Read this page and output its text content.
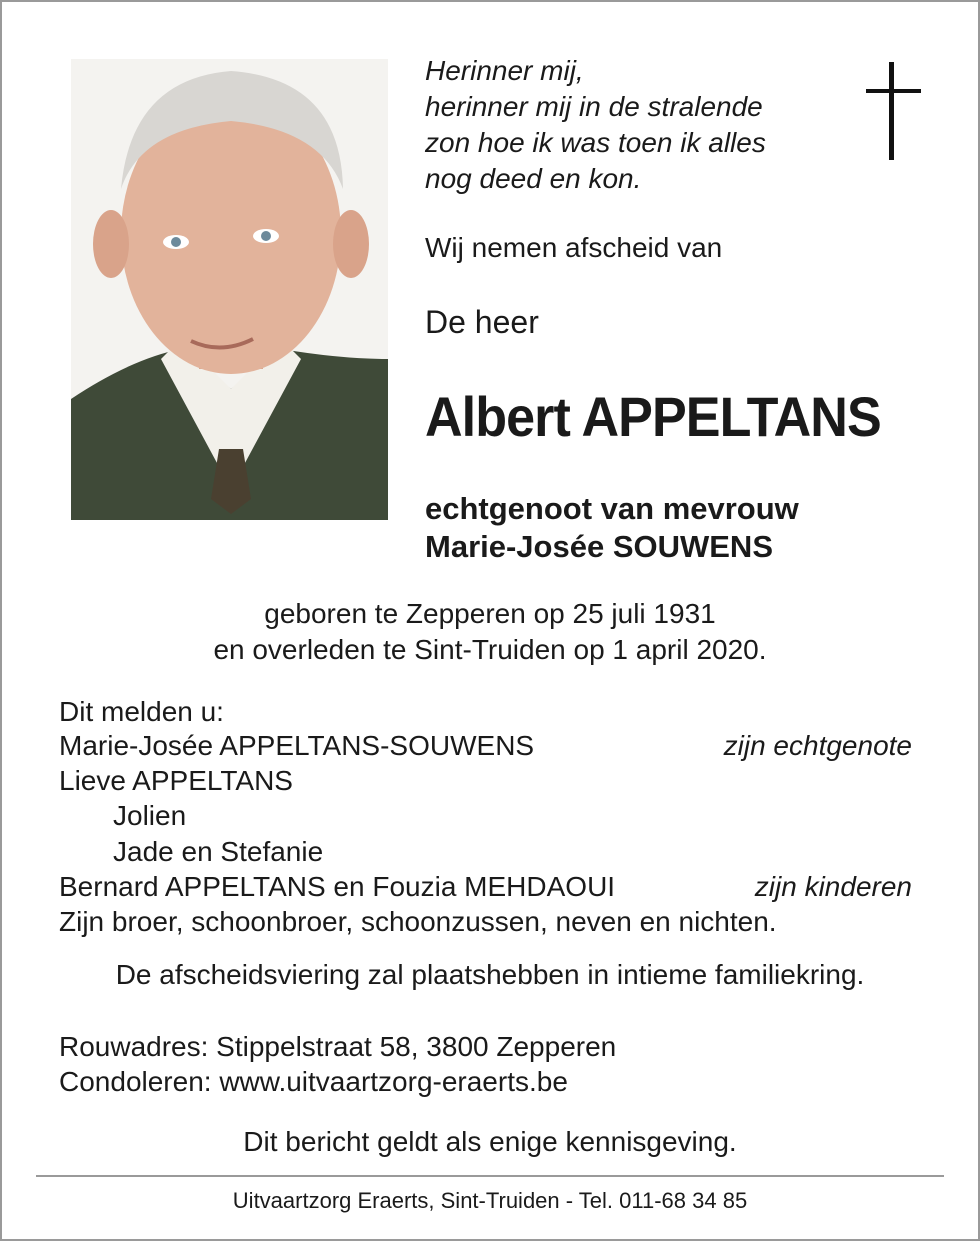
Herinner mij,
herinner mij in de stralende
zon hoe ik was toen ik alles
nog deed en kon.
Wij nemen afscheid van
De heer
Albert APPELTANS
echtgenoot van mevrouw
Marie-Josée SOUWENS
geboren te Zepperen op 25 juli 1931
en overleden te Sint-Truiden op 1 april 2020.
Dit melden u:
Marie-Josée APPELTANS-SOUWENS	zijn echtgenote
Lieve APPELTANS
Jolien
Jade en Stefanie
Bernard APPELTANS en Fouzia MEHDAOUI	zijn kinderen
Zijn broer, schoonbroer, schoonzussen, neven en nichten.
De afscheidsviering zal plaatshebben in intieme familiekring.
Rouwadres: Stippelstraat 58, 3800 Zepperen
Condoleren: www.uitvaartzorg-eraerts.be
Dit bericht geldt als enige kennisgeving.
Uitvaartzorg Eraerts, Sint-Truiden - Tel. 011-68 34 85
